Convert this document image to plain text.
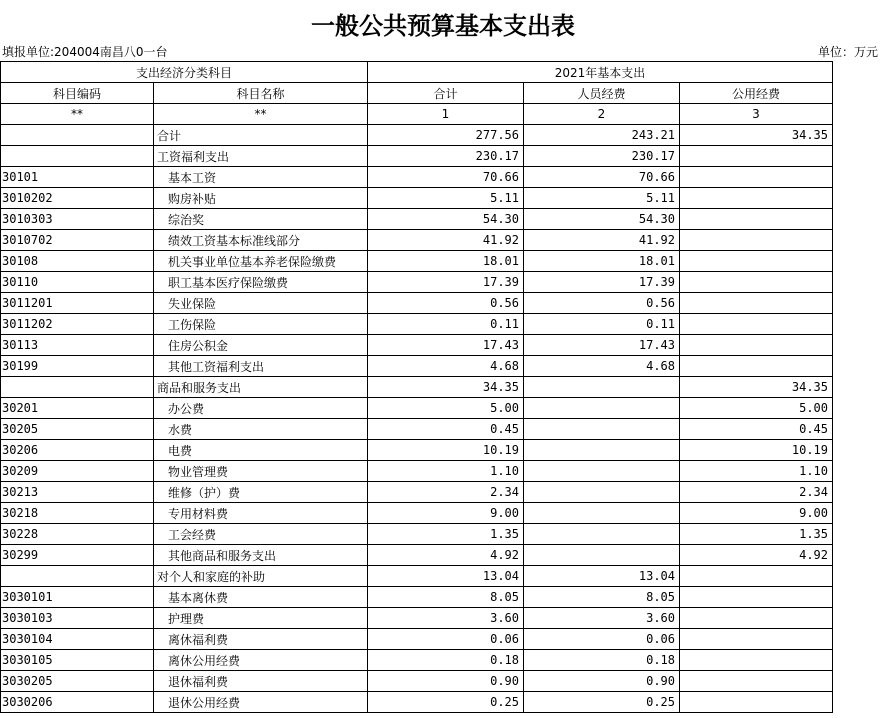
一般公共预算基本支出表
填报单位:204004南昌八0一台	单位：万元
支出经济分类科目		2021年基本支出		
科目编码	科目名称	合计	人员经费	公用经费
**	**	1	2	3
	合计	277.56	243.21	34.35
	工资福利支出	230.17	230.17	
30101	基本工资	70.66	70.66	
3010202	购房补贴	5.11	5.11	
3010303	综治奖	54.30	54.30	
3010702	绩效工资基本标准线部分	41.92	41.92	
30108	机关事业单位基本养老保险缴费	18.01	18.01	
30110	职工基本医疗保险缴费	17.39	17.39	
3011201	失业保险	0.56	0.56	
3011202	工伤保险	0.11	0.11	
30113	住房公积金	17.43	17.43	
30199	其他工资福利支出	4.68	4.68	
	商品和服务支出	34.35		34.35
30201	办公费	5.00		5.00
30205	水费	0.45		0.45
30206	电费	10.19		10.19
30209	物业管理费	1.10		1.10
30213	维修（护）费	2.34		2.34
30218	专用材料费	9.00		9.00
30228	工会经费	1.35		1.35
30299	其他商品和服务支出	4.92		4.92
	对个人和家庭的补助	13.04	13.04	
3030101	基本离休费	8.05	8.05	
3030103	护理费	3.60	3.60	
3030104	离休福利费	0.06	0.06	
3030105	离休公用经费	0.18	0.18	
3030205	退休福利费	0.90	0.90	
3030206	退休公用经费	0.25	0.25	
